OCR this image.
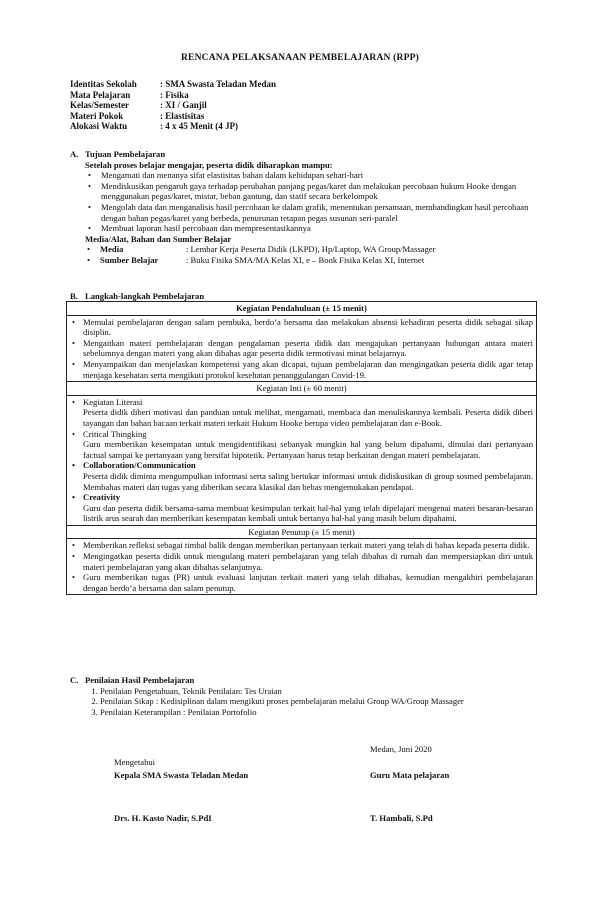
RENCANA PELAKSANAAN PEMBELAJARAN (RPP)
Identitas Sekolah	: SMA Swasta Teladan Medan
Mata Pelajaran	: Fisika
Kelas/Semester	: XI / Ganjil
Materi Pokok	: Elastisitas
Alokasi Waktu	: 4 x 45 Menit (4 JP)
A. Tujuan Pembelajaran
Setelah proses belajar mengajar, peserta didik diharapkan mampu:
• Mengamati dan menanya sifat elastisitas bahan dalam kehidupan sehari-hari
• Mendiskusikan pengaruh gaya terhadap perubahan panjang pegas/karet dan melakukan percobaan hukum Hooke dengan menggunakan pegas/karet, mistar, beban gantung, dan statif secara berkelompok
• Mengolah data dan menganalisis hasil percobaan ke dalam grafik, menentukan persamaan, membandingkan hasil percobaan dengan bahan pegas/karet yang berbeda, penurunan tetapan pegas susunan seri-paralel
• Membuat laporan hasil percobaan dan mempresentasikannya
Media/Alat, Bahan dan Sumber Belajar
• Media	: Lembar Kerja Peserta Didik (LKPD), Hp/Laptop, WA Group/Massager
• Sumber Belajar	: Buku Fisika SMA/MA Kelas XI, e – Book Fisika Kelas XI, Internet
B. Langkah-langkah Pembelajaran
Kegiatan Pendahuluan (± 15 menit)

• Memulai pembelajaran dengan salam pembuka, berdo’a bersama dan melakukan absensi kehadiran peserta didik sebagai sikap disiplin.
• Mengaitkan materi pembelajaran dengan pengalaman peserta didik dan mengajukan pertanyaan hubungan antara materi sebelumnya dengan materi yang akan dibahas agar peserta didik termotivasi minat belajarnya.
• Menyampaikan dan menjelaskan kompetensi yang akan dicapai, tujuan pembelajaran dan mengingatkan peserta didik agar tetap menjaga kesehatan serta mengikuti protokol kesehatan penanggulangan Covid-19.

Kegiatan Inti (± 60 menit)

• Kegiatan Literasi
Peserta didik diberi motivasi dan panduan untuk melihat, mengamati, membaca dan menuliskannya kembali. Peserta didik diberi tayangan dan bahan bacaan terkait materi terkait Hukum Hooke berupa video pembelajaran dan e-Book.
• Critical Thingking
Guru memberikan kesempatan untuk mengidentifikasi sebanyak mungkin hal yang belum dipahami, dimulai dari pertanyaan factual sampai ke pertanyaan yang bersifat hipotetik. Pertanyaan harus tetap berkaitan dengan materi pembelajaran.
• Collaboration/Communication
Peserta didik diminta mengumpulkan informasi serta saling bertukar informasi untuk didiskusikan di group sosmed pembelajaran. Membahas materi dan tugas yang diberikan secara klasikal dan bebas mengemukakan pendapat.
• Creativity
Guru dan peserta didik bersama-sama membuat kesimpulan terkait hal-hal yang telah dipelajari mengenai materi besaran-besaran listrik arus searah dan memberikan kesempatan kembali untuk bertanya hal-hal yang masih belum dipahami.

Kegiatan Penutup (± 15 menit)

• Memberikan refleksi sebagai timbal balik dengan memberikan pertanyaan terkait materi yang telah di bahas kepada peserta didik.
• Mengingatkan peserta didik untuk mengulang materi pembelajaran yang telah dibahas di rumah dan mempersiapkan diri untuk materi pembelajaran yang akan dibahas selanjutnya.
• Guru memberikan tugas (PR) untuk evaluasi lanjutan terkait materi yang telah dibahas, kemudian mengakhiri pembelajaran dengan berdo’a bersama dan salam penutup.
C. Penilaian Hasil Pembelajaran
1. Penilaian Pengetahuan, Teknik Penilaian: Tes Uraian
2. Penilaian Sikap : Kedisiplinan dalam mengikuti proses pembelajaran melalui Group WA/Group Massager
3. Penilaian Keterampilan : Penilaian Portofolio
Medan, Juni 2020
Mengetahui
Kepala SMA Swasta Teladan Medan	Guru Mata pelajaran
Drs. H. Kasto Nadir, S.PdI	T. Hambali, S.Pd
